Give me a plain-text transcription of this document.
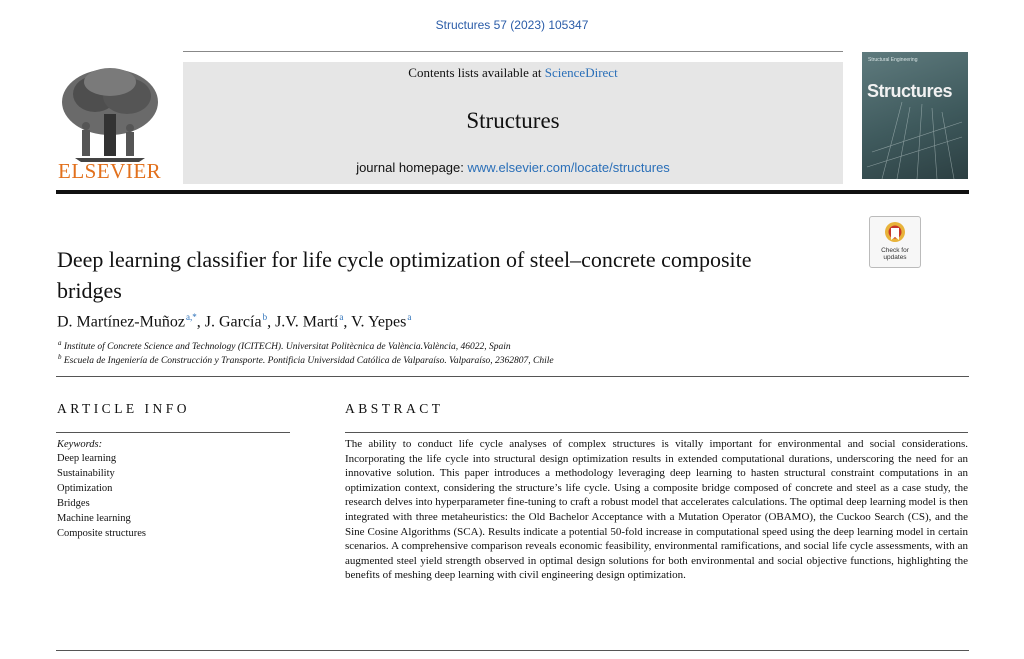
Structures 57 (2023) 105347
ELSEVIER
Contents lists available at ScienceDirect
Structures
journal homepage: www.elsevier.com/locate/structures
Structural Engineering
Structures
Check for updates
Deep learning classifier for life cycle optimization of steel–concrete composite bridges
D. Martínez-Muñoz$^{a,*}$, J. García$^b$, J.V. Martí$^a$, V. Yepes$^a$
$^a$ Institute of Concrete Science and Technology (ICITECH). Universitat Politècnica de València.València, 46022, Spain
$^b$ Escuela de Ingeniería de Construcción y Transporte. Pontificia Universidad Católica de Valparaíso. Valparaíso, 2362807, Chile
ARTICLE INFO	ABSTRACT
Keywords:
Deep learning
Sustainability
Optimization
Bridges
Machine learning
Composite structures
The ability to conduct life cycle analyses of complex structures is vitally important for environmental and social considerations. Incorporating the life cycle into structural design optimization results in extended computational durations, underscoring the need for an innovative solution. This paper introduces a methodology leveraging deep learning to hasten structural constraint computations in an optimization context, considering the structure’s life cycle. Using a composite bridge composed of concrete and steel as a case study, the research delves into hyperparameter fine-tuning to craft a robust model that accelerates calculations. The optimal deep learning model is then integrated with three metaheuristics: the Old Bachelor Acceptance with a Mutation Operator (OBAMO), the Cuckoo Search (CS), and the Sine Cosine Algorithms (SCA). Results indicate a potential 50-fold increase in computational speed using the deep learning model in certain scenarios. A comprehensive comparison reveals economic feasibility, environmental ramifications, and social life cycle assessments, with an augmented steel yield strength observed in optimal design solutions for both environmental and social objective functions, highlighting the benefits of meshing deep learning with civil engineering design optimization.
